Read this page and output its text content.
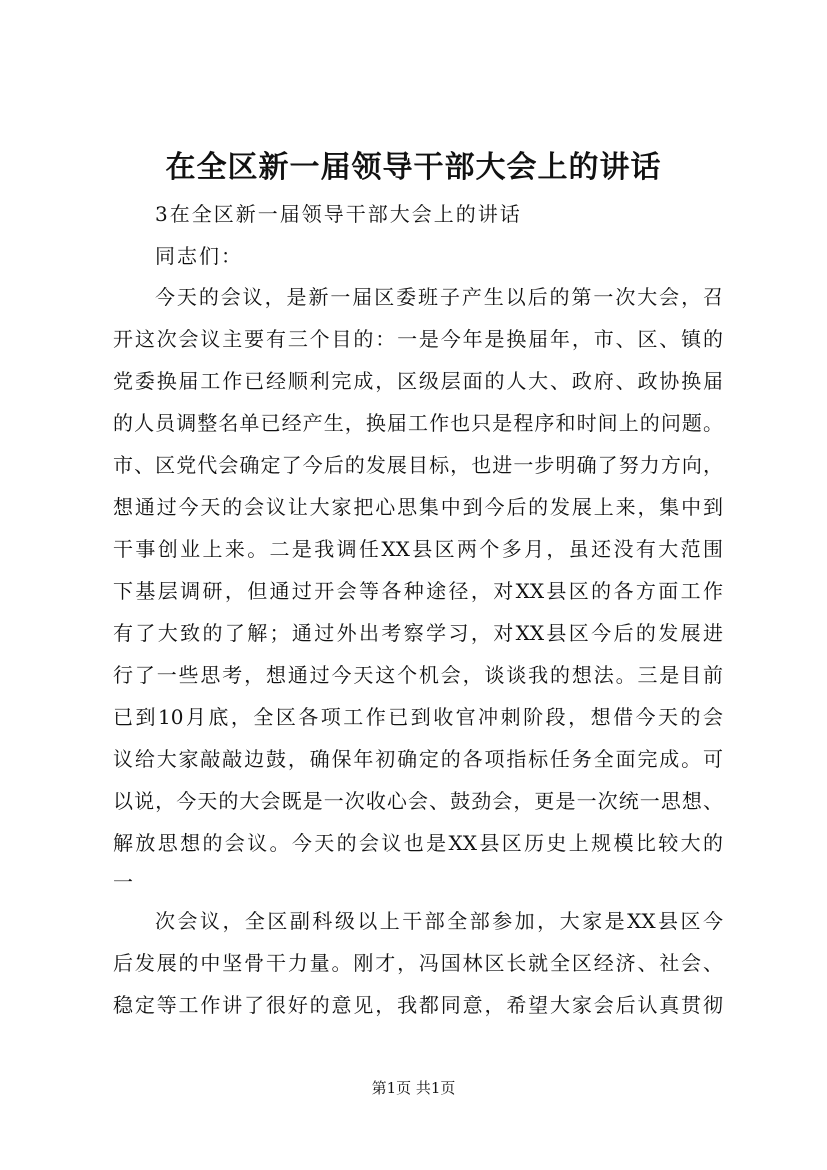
在全区新一届领导干部大会上的讲话
3在全区新一届领导干部大会上的讲话
同志们：
今天的会议，是新一届区委班子产生以后的第一次大会，召
开这次会议主要有三个目的：一是今年是换届年，市、区、镇的
党委换届工作已经顺利完成，区级层面的人大、政府、政协换届
的人员调整名单已经产生，换届工作也只是程序和时间上的问题。
市、区党代会确定了今后的发展目标，也进一步明确了努力方向，
想通过今天的会议让大家把心思集中到今后的发展上来，集中到
干事创业上来。二是我调任XX县区两个多月，虽还没有大范围
下基层调研，但通过开会等各种途径，对XX县区的各方面工作
有了大致的了解；通过外出考察学习，对XX县区今后的发展进
行了一些思考，想通过今天这个机会，谈谈我的想法。三是目前
已到10月底，全区各项工作已到收官冲刺阶段，想借今天的会
议给大家敲敲边鼓，确保年初确定的各项指标任务全面完成。可
以说，今天的大会既是一次收心会、鼓劲会，更是一次统一思想、
解放思想的会议。今天的会议也是XX县区历史上规模比较大的
一
次会议，全区副科级以上干部全部参加，大家是XX县区今
后发展的中坚骨干力量。刚才，冯国林区长就全区经济、社会、
稳定等工作讲了很好的意见，我都同意，希望大家会后认真贯彻
第1页 共1页
